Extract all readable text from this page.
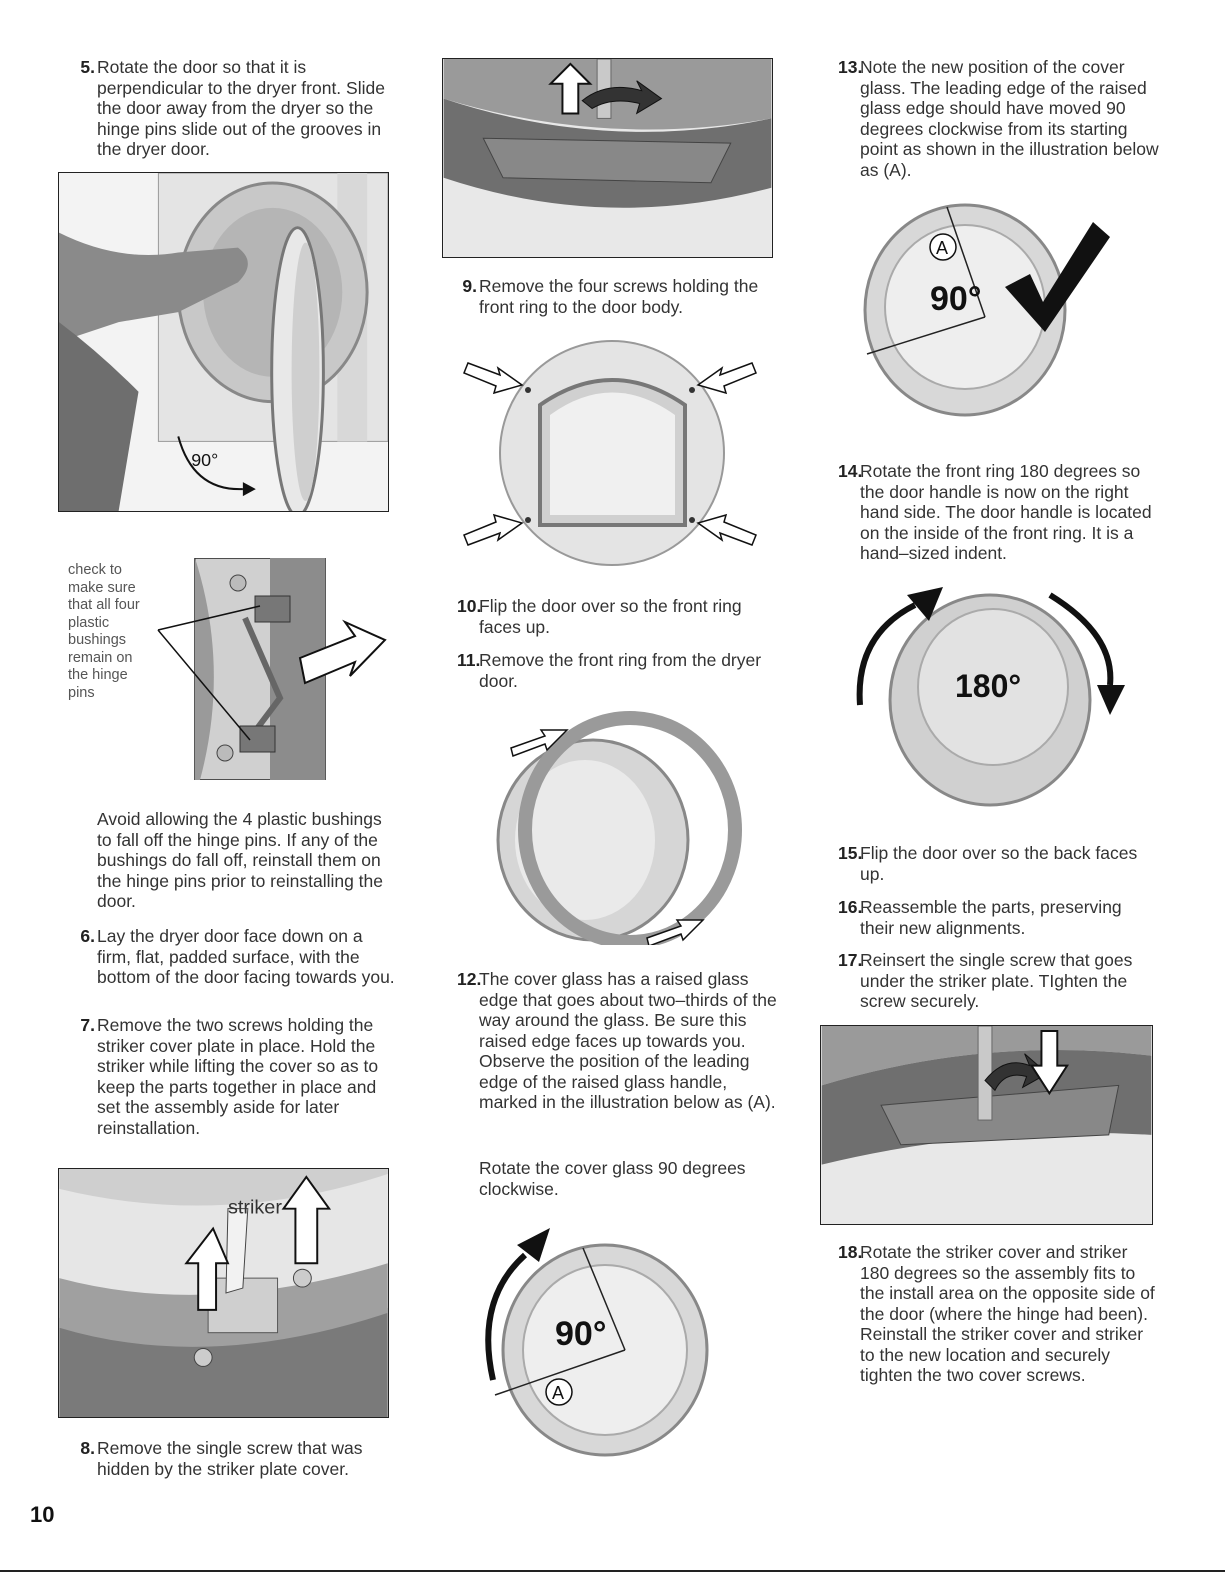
5. Rotate the door so that it is perpendicular to the dryer front. Slide the door away from the dryer so the hinge pins slide out of the grooves in the dryer door.
90°
check to make sure that all four plastic bushings remain on the hinge pins
Avoid allowing the 4 plastic bushings to fall off the hinge pins. If any of the bushings do fall off, reinstall them on the hinge pins prior to reinstalling the door.
6. Lay the dryer door face down on a firm, flat, padded surface, with the bottom of the door facing towards you.
7. Remove the two screws holding the striker cover plate in place. Hold the striker while lifting the cover so as to keep the parts together in place and set the assembly aside for later reinstallation.
striker
8. Remove the single screw that was hidden by the striker plate cover.
9. Remove the four screws holding the front ring to the door body.
10.
Flip the door over so the front ring faces up.
11.
Remove the front ring from the dryer door.
12.
The cover glass has a raised glass edge that goes about two–thirds of the way around the glass. Be sure this raised edge faces up towards you. Observe the position of the leading edge of the raised glass handle, marked in the illustration below as (A).
Rotate the cover glass 90 degrees clockwise.
90°
A
13.
Note the new position of the cover glass. The leading edge of the raised glass edge should have moved 90 degrees clockwise from its starting point as shown in the illustration below as (A).
A
90°
14.
Rotate the front ring 180 degrees so the door handle is now on the right hand side. The door handle is located on the inside of the front ring. It is a hand–sized indent.
180°
15.
Flip the door over so the back faces up.
16.
Reassemble the parts, preserving their new alignments.
17.
Reinsert the single screw that goes under the striker plate. TIghten the screw securely.
18.
Rotate the striker cover and striker 180 degrees so the assembly fits to the install area on the opposite side of the door (where the hinge had been). Reinstall the striker cover and striker to the new location and securely tighten the two cover screws.
10
